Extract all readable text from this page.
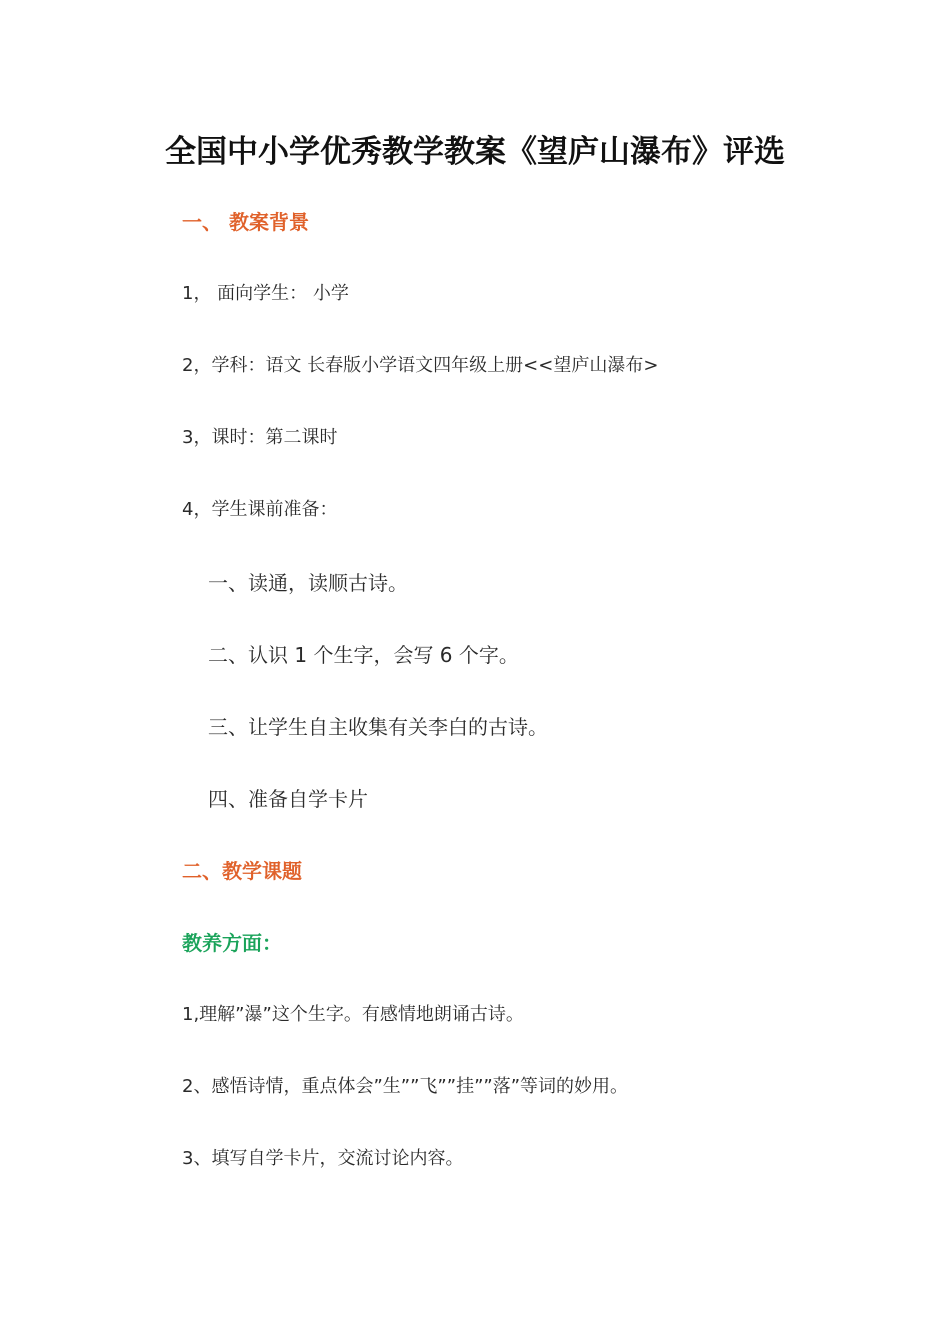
全国中小学优秀教学教案《望庐山瀑布》评选
一、 教案背景
1， 面向学生： 小学
2，学科：语文 长春版小学语文四年级上册<<望庐山瀑布>
3，课时：第二课时
4，学生课前准备：
一、读通，读顺古诗。
二、认识 1 个生字，会写 6 个字。
三、让学生自主收集有关李白的古诗。
四、准备自学卡片
二、教学课题
教养方面：
1,理解”瀑”这个生字。有感情地朗诵古诗。
2、感悟诗情，重点体会”生””飞””挂””落”等词的妙用。
3、填写自学卡片，交流讨论内容。
